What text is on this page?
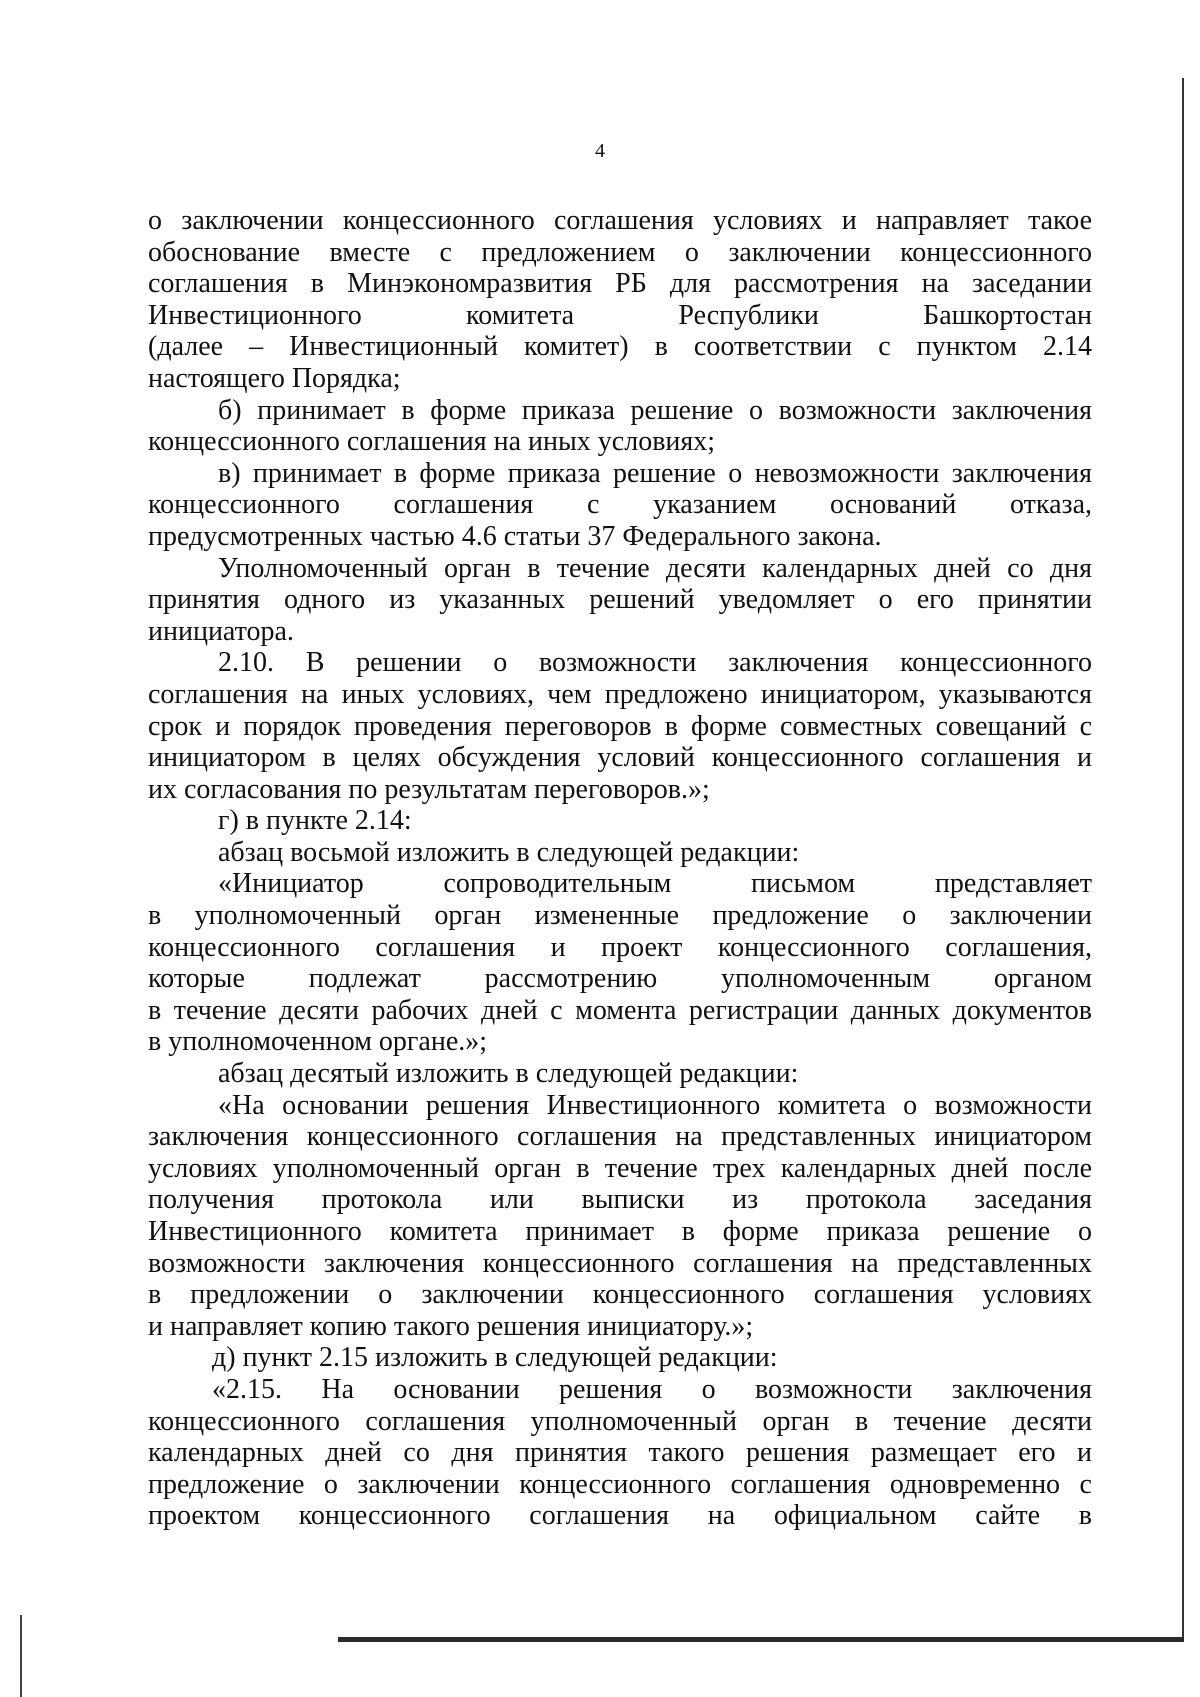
4

о заключении концессионного соглашения условиях и направляет такое
обоснование вместе с предложением о заключении концессионного
соглашения в Минэкономразвития РБ для рассмотрения на заседании
Инвестиционного комитета Республики Башкортостан
(далее – Инвестиционный комитет) в соответствии с пунктом 2.14
настоящего Порядка;
б) принимает в форме приказа решение о возможности заключения
концессионного соглашения на иных условиях;
в) принимает в форме приказа решение о невозможности заключения
концессионного соглашения с указанием оснований отказа,
предусмотренных частью 4.6 статьи 37 Федерального закона.
Уполномоченный орган в течение десяти календарных дней со дня
принятия одного из указанных решений уведомляет о его принятии
инициатора.
2.10. В решении о возможности заключения концессионного
соглашения на иных условиях, чем предложено инициатором, указываются
срок и порядок проведения переговоров в форме совместных совещаний с
инициатором в целях обсуждения условий концессионного соглашения и
их согласования по результатам переговоров.»;
г) в пункте 2.14:
абзац восьмой изложить в следующей редакции:
«Инициатор сопроводительным письмом представляет
в уполномоченный орган измененные предложение о заключении
концессионного соглашения и проект концессионного соглашения,
которые подлежат рассмотрению уполномоченным органом
в течение десяти рабочих дней с момента регистрации данных документов
в уполномоченном органе.»;
абзац десятый изложить в следующей редакции:
«На основании решения Инвестиционного комитета о возможности
заключения концессионного соглашения на представленных инициатором
условиях уполномоченный орган в течение трех календарных дней после
получения протокола или выписки из протокола заседания
Инвестиционного комитета принимает в форме приказа решение о
возможности заключения концессионного соглашения на представленных
в предложении о заключении концессионного соглашения условиях
и направляет копию такого решения инициатору.»;
д) пункт 2.15 изложить в следующей редакции:
«2.15. На основании решения о возможности заключения
концессионного соглашения уполномоченный орган в течение десяти
календарных дней со дня принятия такого решения размещает его и
предложение о заключении концессионного соглашения одновременно с
проектом концессионного соглашения на официальном сайте в
